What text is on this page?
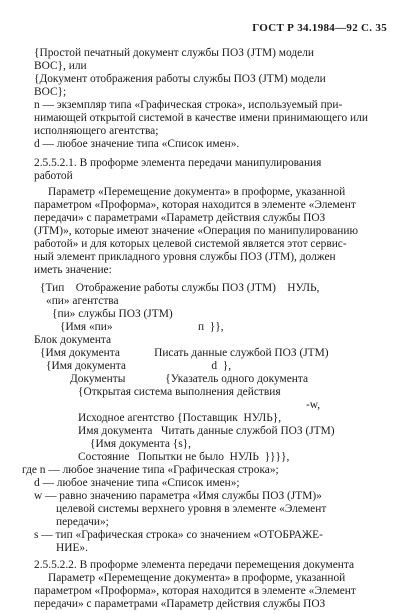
ГОСТ Р 34.1984—92 С. 35
{Простой печатный документ службы ПОЗ (JTM) модели
ВОС}, или
{Документ отображения работы службы ПОЗ (JTM) модели
ВОС};
n — экземпляр типа «Графическая строка», используемый при-
нимающей открытой системой в качестве имени принимающего или
исполняющего агентства;
d — любое значение типа «Список имен».
2.5.5.2.1. В проформе элемента передачи манипулирования
работой
Параметр «Перемещение документа» в проформе, указанной
параметром «Проформа», которая находится в элементе «Элемент
передачи» с параметрами «Параметр действия службы ПОЗ
(JTM)», которые имеют значение «Операция по манипулированию
работой» и для которых целевой системой является этот сервис-
ный элемент прикладного уровня службы ПОЗ (JTM), должен
иметь значение:
{Тип    Отображение работы службы ПОЗ (JTM)    НУЛЬ,
«пи» агентства
{пи» службы ПОЗ (JTM)
{Имя «пи»                              п  }},
Блок документа
{Имя документа            Писать данные службой ПОЗ (JTM)
{Имя документа                              d  },
Документы              {Указатель одного документа
{Открытая система выполнения действия
-w,
Исходное агентство {Поставщик  НУЛЬ},
Имя документа   Читать данные службой ПОЗ (JTM)
{Имя документа {s},
Состояние   Попытки не было  НУЛЬ  }}}},
где n — любое значение типа «Графическая строка»;
d — любое значение типа «Список имен»;
w — равно значению параметра «Имя службы ПОЗ (JTM)»
целевой системы верхнего уровня в элементе «Элемент
передачи»;
s — тип «Графическая строка» со значением «ОТОБРАЖЕ-
НИЕ».
2.5.5.2.2. В проформе элемента передачи перемещения документа
Параметр «Перемещение документа» в проформе, указанной
параметром «Проформа», которая находится в элементе «Элемент
передачи» с параметрами «Параметр действия службы ПОЗ
